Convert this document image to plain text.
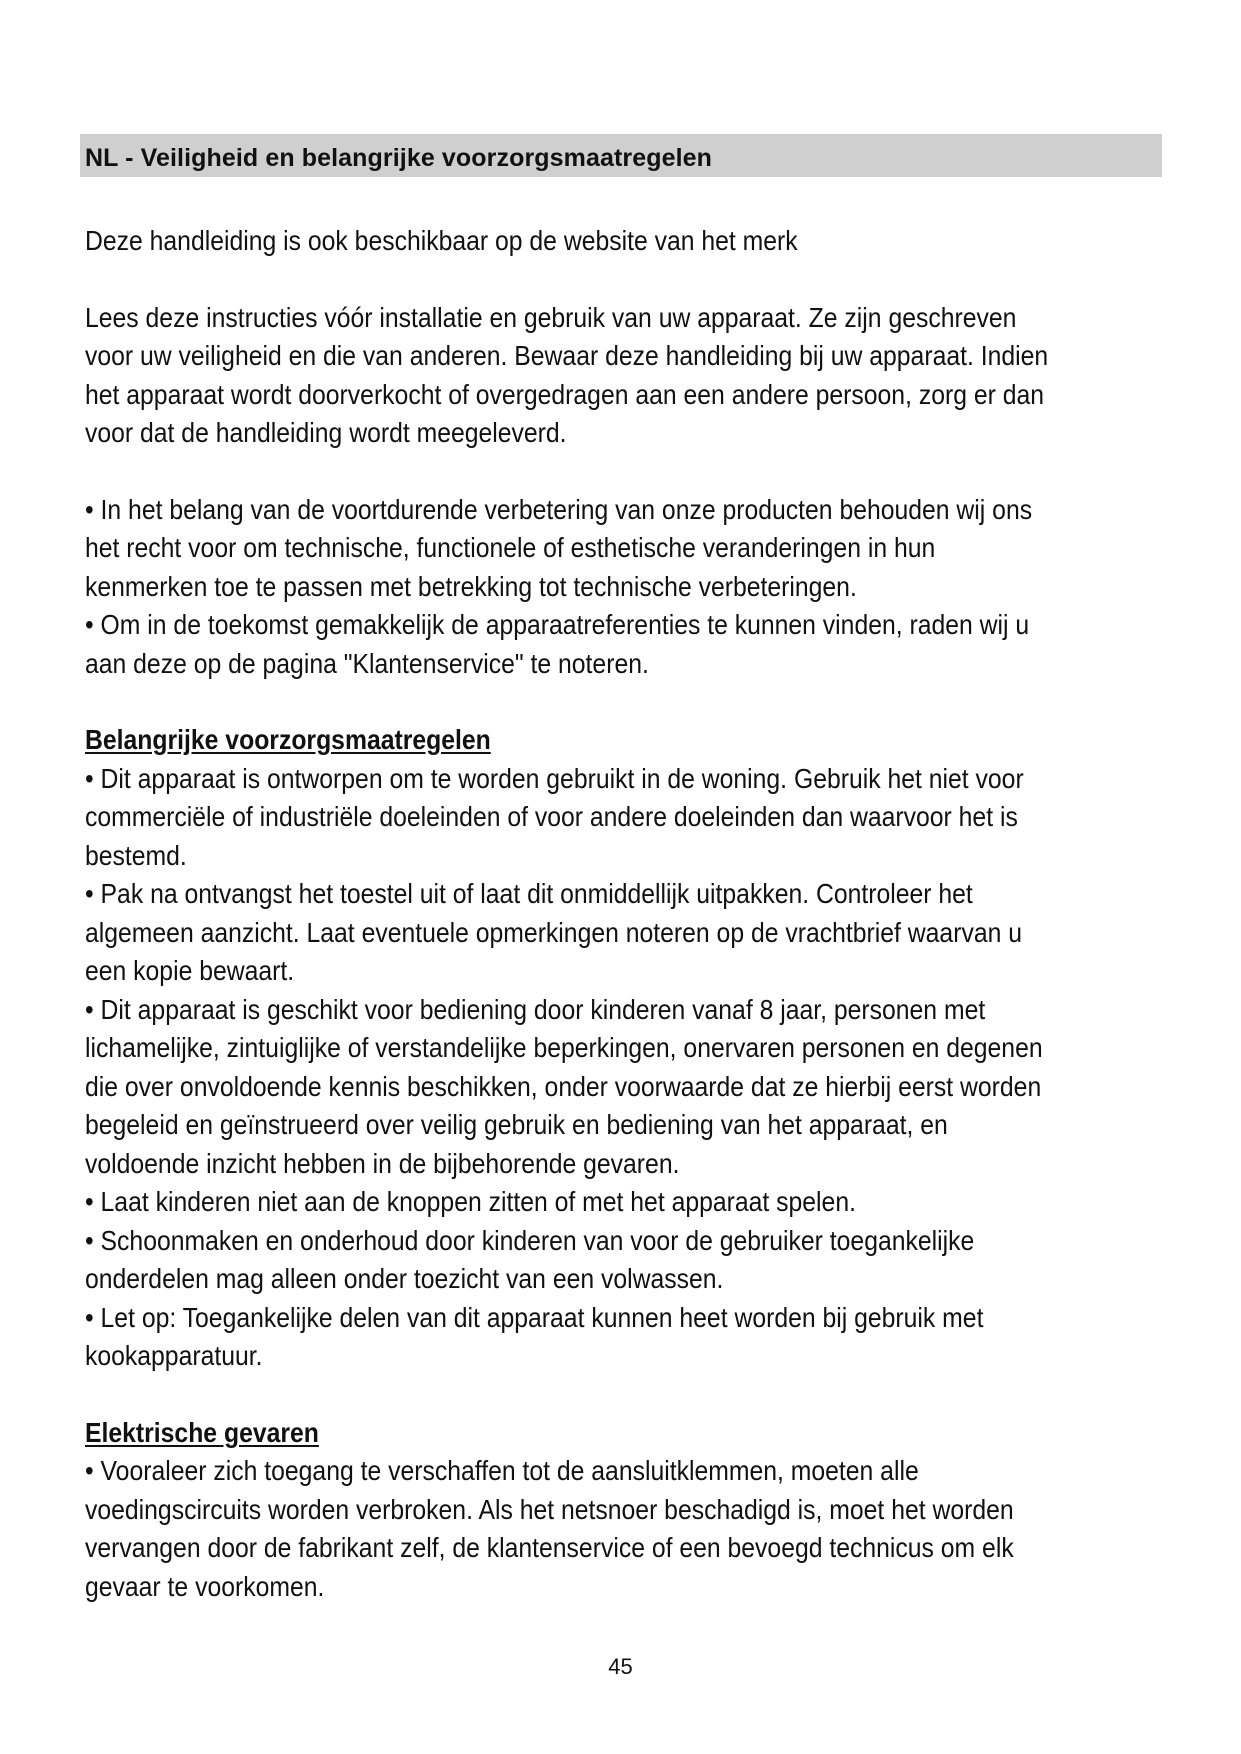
NL - Veiligheid en belangrijke voorzorgsmaatregelen

Deze handleiding is ook beschikbaar op de website van het merk

Lees deze instructies vóór installatie en gebruik van uw apparaat. Ze zijn geschreven voor uw veiligheid en die van anderen. Bewaar deze handleiding bij uw apparaat. Indien het apparaat wordt doorverkocht of overgedragen aan een andere persoon, zorg er dan voor dat de handleiding wordt meegeleverd.

• In het belang van de voortdurende verbetering van onze producten behouden wij ons het recht voor om technische, functionele of esthetische veranderingen in hun kenmerken toe te passen met betrekking tot technische verbeteringen.

• Om in de toekomst gemakkelijk de apparaatreferenties te kunnen vinden, raden wij u aan deze op de pagina "Klantenservice" te noteren.

Belangrijke voorzorgsmaatregelen

• Dit apparaat is ontworpen om te worden gebruikt in de woning. Gebruik het niet voor commerciële of industriële doeleinden of voor andere doeleinden dan waarvoor het is bestemd.

• Pak na ontvangst het toestel uit of laat dit onmiddellijk uitpakken. Controleer het algemeen aanzicht. Laat eventuele opmerkingen noteren op de vrachtbrief waarvan u een kopie bewaart.

• Dit apparaat is geschikt voor bediening door kinderen vanaf 8 jaar, personen met lichamelijke, zintuiglijke of verstandelijke beperkingen, onervaren personen en degenen die over onvoldoende kennis beschikken, onder voorwaarde dat ze hierbij eerst worden begeleid en geïnstrueerd over veilig gebruik en bediening van het apparaat, en voldoende inzicht hebben in de bijbehorende gevaren.

• Laat kinderen niet aan de knoppen zitten of met het apparaat spelen.

• Schoonmaken en onderhoud door kinderen van voor de gebruiker toegankelijke onderdelen mag alleen onder toezicht van een volwassen.

• Let op: Toegankelijke delen van dit apparaat kunnen heet worden bij gebruik met kookapparatuur.

Elektrische gevaren

• Vooraleer zich toegang te verschaffen tot de aansluitklemmen, moeten alle voedingscircuits worden verbroken. Als het netsnoer beschadigd is, moet het worden vervangen door de fabrikant zelf, de klantenservice of een bevoegd technicus om elk gevaar te voorkomen.

45
